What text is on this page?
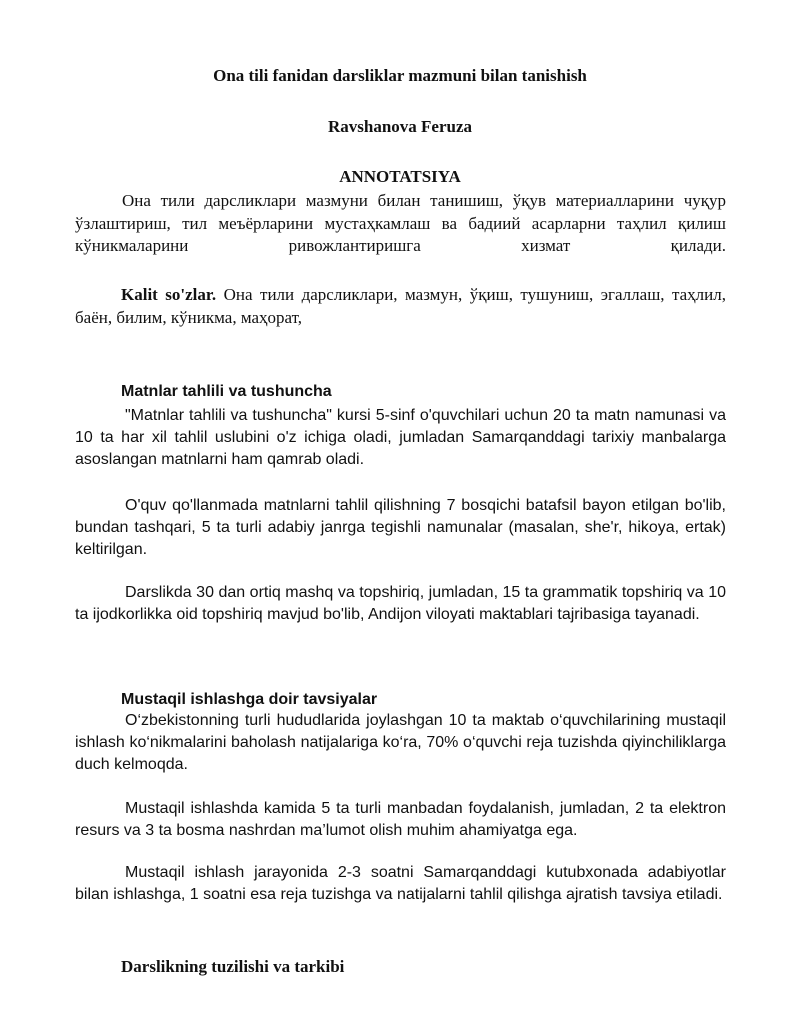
Ona tili fanidan darsliklar mazmuni bilan tanishish

Ravshanova Feruza

ANNOTATSIYA

Она тили дарсликлари мазмуни билан танишиш, ўқув материалларини чуқур ўзлаштириш, тил меъёрларини мустаҳкамлаш ва бадиий асарларни таҳлил қилиш кўникмаларини ривожлантиришга хизмат қилади.

Kalit so'zlar. Она тили дарсликлари, мазмун, ўқиш, тушуниш, эгаллаш, таҳлил, баён, билим, кўникма, маҳорат,

Matnlar tahlili va tushuncha

"Matnlar tahlili va tushuncha" kursi 5-sinf o'quvchilari uchun 20 ta matn namunasi va 10 ta har xil tahlil uslubini o'z ichiga oladi, jumladan Samarqanddagi tarixiy manbalarga asoslangan matnlarni ham qamrab oladi.

O'quv qo'llanmada matnlarni tahlil qilishning 7 bosqichi batafsil bayon etilgan bo'lib, bundan tashqari, 5 ta turli adabiy janrga tegishli namunalar (masalan, she'r, hikoya, ertak) keltirilgan.

Darslikda 30 dan ortiq mashq va topshiriq, jumladan, 15 ta grammatik topshiriq va 10 ta ijodkorlikka oid topshiriq mavjud bo'lib, Andijon viloyati maktablari tajribasiga tayanadi.

Mustaqil ishlashga doir tavsiyalar

O‘zbekistonning turli hududlarida joylashgan 10 ta maktab o‘quvchilarining mustaqil ishlash ko‘nikmalarini baholash natijalariga ko‘ra, 70% o‘quvchi reja tuzishda qiyinchiliklarga duch kelmoqda.

Mustaqil ishlashda kamida 5 ta turli manbadan foydalanish, jumladan, 2 ta elektron resurs va 3 ta bosma nashrdan ma’lumot olish muhim ahamiyatga ega.

Mustaqil ishlash jarayonida 2-3 soatni Samarqanddagi kutubxonada adabiyotlar bilan ishlashga, 1 soatni esa reja tuzishga va natijalarni tahlil qilishga ajratish tavsiya etiladi.

Darslikning tuzilishi va tarkibi
